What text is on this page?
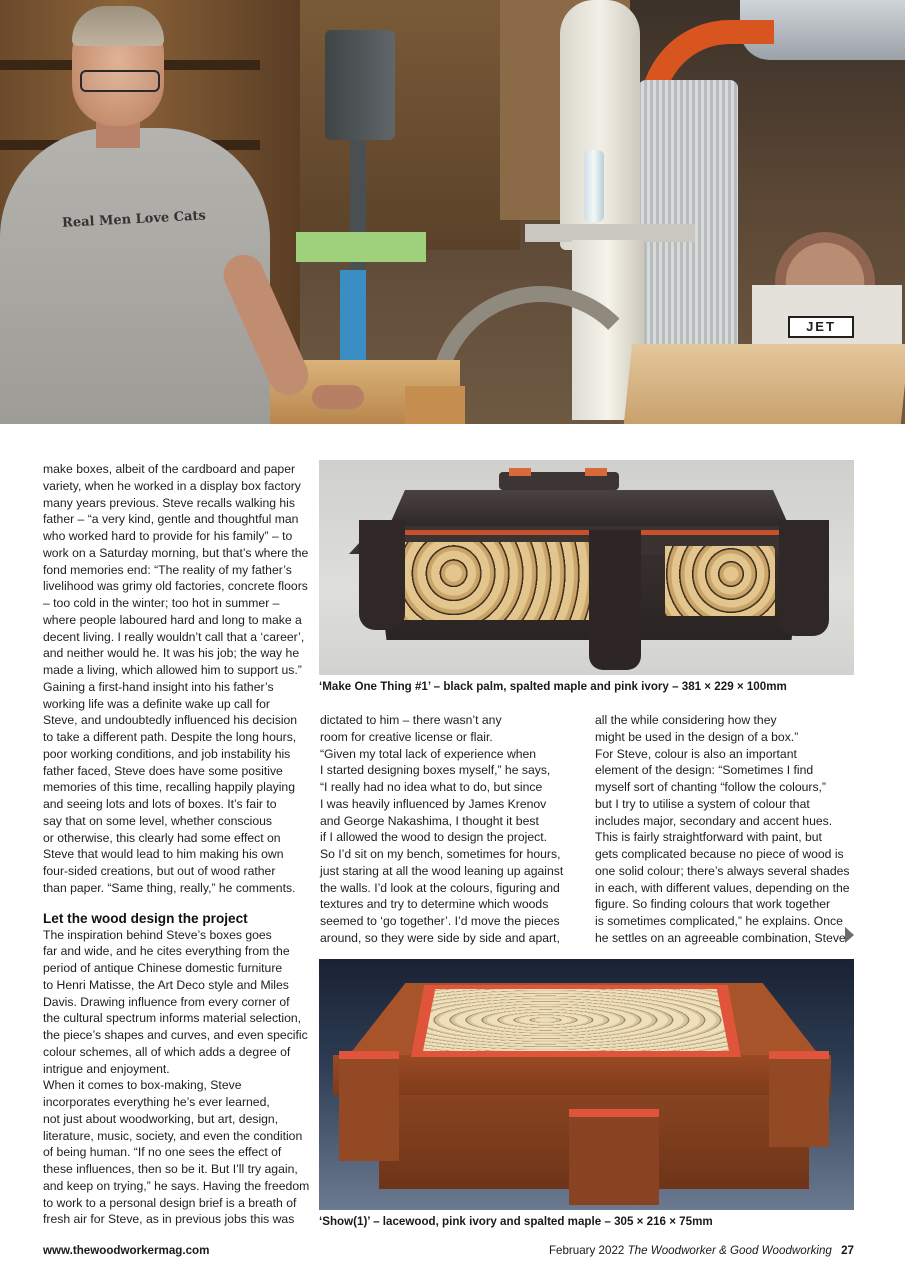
JET
Real Men Love Cats
make boxes, albeit of the cardboard and paper
variety, when he worked in a display box factory
many years previous. Steve recalls walking his
father – “a very kind, gentle and thoughtful man
who worked hard to provide for his family” – to
work on a Saturday morning, but that’s where the
fond memories end: “The reality of my father’s
livelihood was grimy old factories, concrete floors
– too cold in the winter; too hot in summer –
where people laboured hard and long to make a
decent living. I really wouldn’t call that a ‘career’,
and neither would he. It was his job; the way he
made a living, which allowed him to support us.”
Gaining a first-hand insight into his father’s
working life was a definite wake up call for
Steve, and undoubtedly influenced his decision
to take a different path. Despite the long hours,
poor working conditions, and job instability his
father faced, Steve does have some positive
memories of this time, recalling happily playing
and seeing lots and lots of boxes. It’s fair to
say that on some level, whether conscious
or otherwise, this clearly had some effect on
Steve that would lead to him making his own
four-sided creations, but out of wood rather
than paper. “Same thing, really,” he comments.
Let the wood design the project
The inspiration behind Steve’s boxes goes
far and wide, and he cites everything from the
period of antique Chinese domestic furniture
to Henri Matisse, the Art Deco style and Miles
Davis. Drawing influence from every corner of
the cultural spectrum informs material selection,
the piece’s shapes and curves, and even specific
colour schemes, all of which adds a degree of
intrigue and enjoyment.
When it comes to box-making, Steve
incorporates everything he’s ever learned,
not just about woodworking, but art, design,
literature, music, society, and even the condition
of being human. “If no one sees the effect of
these influences, then so be it. But I’ll try again,
and keep on trying,” he says. Having the freedom
to work to a personal design brief is a breath of
fresh air for Steve, as in previous jobs this was
‘Make One Thing #1’ – black palm, spalted maple and pink ivory – 381 × 229 × 100mm
dictated to him – there wasn’t any
room for creative license or flair.
“Given my total lack of experience when
I started designing boxes myself,” he says,
“I really had no idea what to do, but since
I was heavily influenced by James Krenov
and George Nakashima, I thought it best
if I allowed the wood to design the project.
So I’d sit on my bench, sometimes for hours,
just staring at all the wood leaning up against
the walls. I’d look at the colours, figuring and
textures and try to determine which woods
seemed to ‘go together’. I’d move the pieces
around, so they were side by side and apart,
all the while considering how they
might be used in the design of a box.”
For Steve, colour is also an important
element of the design: “Sometimes I find
myself sort of chanting “follow the colours,”
but I try to utilise a system of colour that
includes major, secondary and accent hues.
This is fairly straightforward with paint, but
gets complicated because no piece of wood is
one solid colour; there’s always several shades
in each, with different values, depending on the
figure. So finding colours that work together
is sometimes complicated,” he explains. Once
he settles on an agreeable combination, Steve
‘Show(1)’ – lacewood, pink ivory and spalted maple – 305 × 216 × 75mm
www.thewoodworkermag.com	February 2022 The Woodworker & Good Woodworking 27
